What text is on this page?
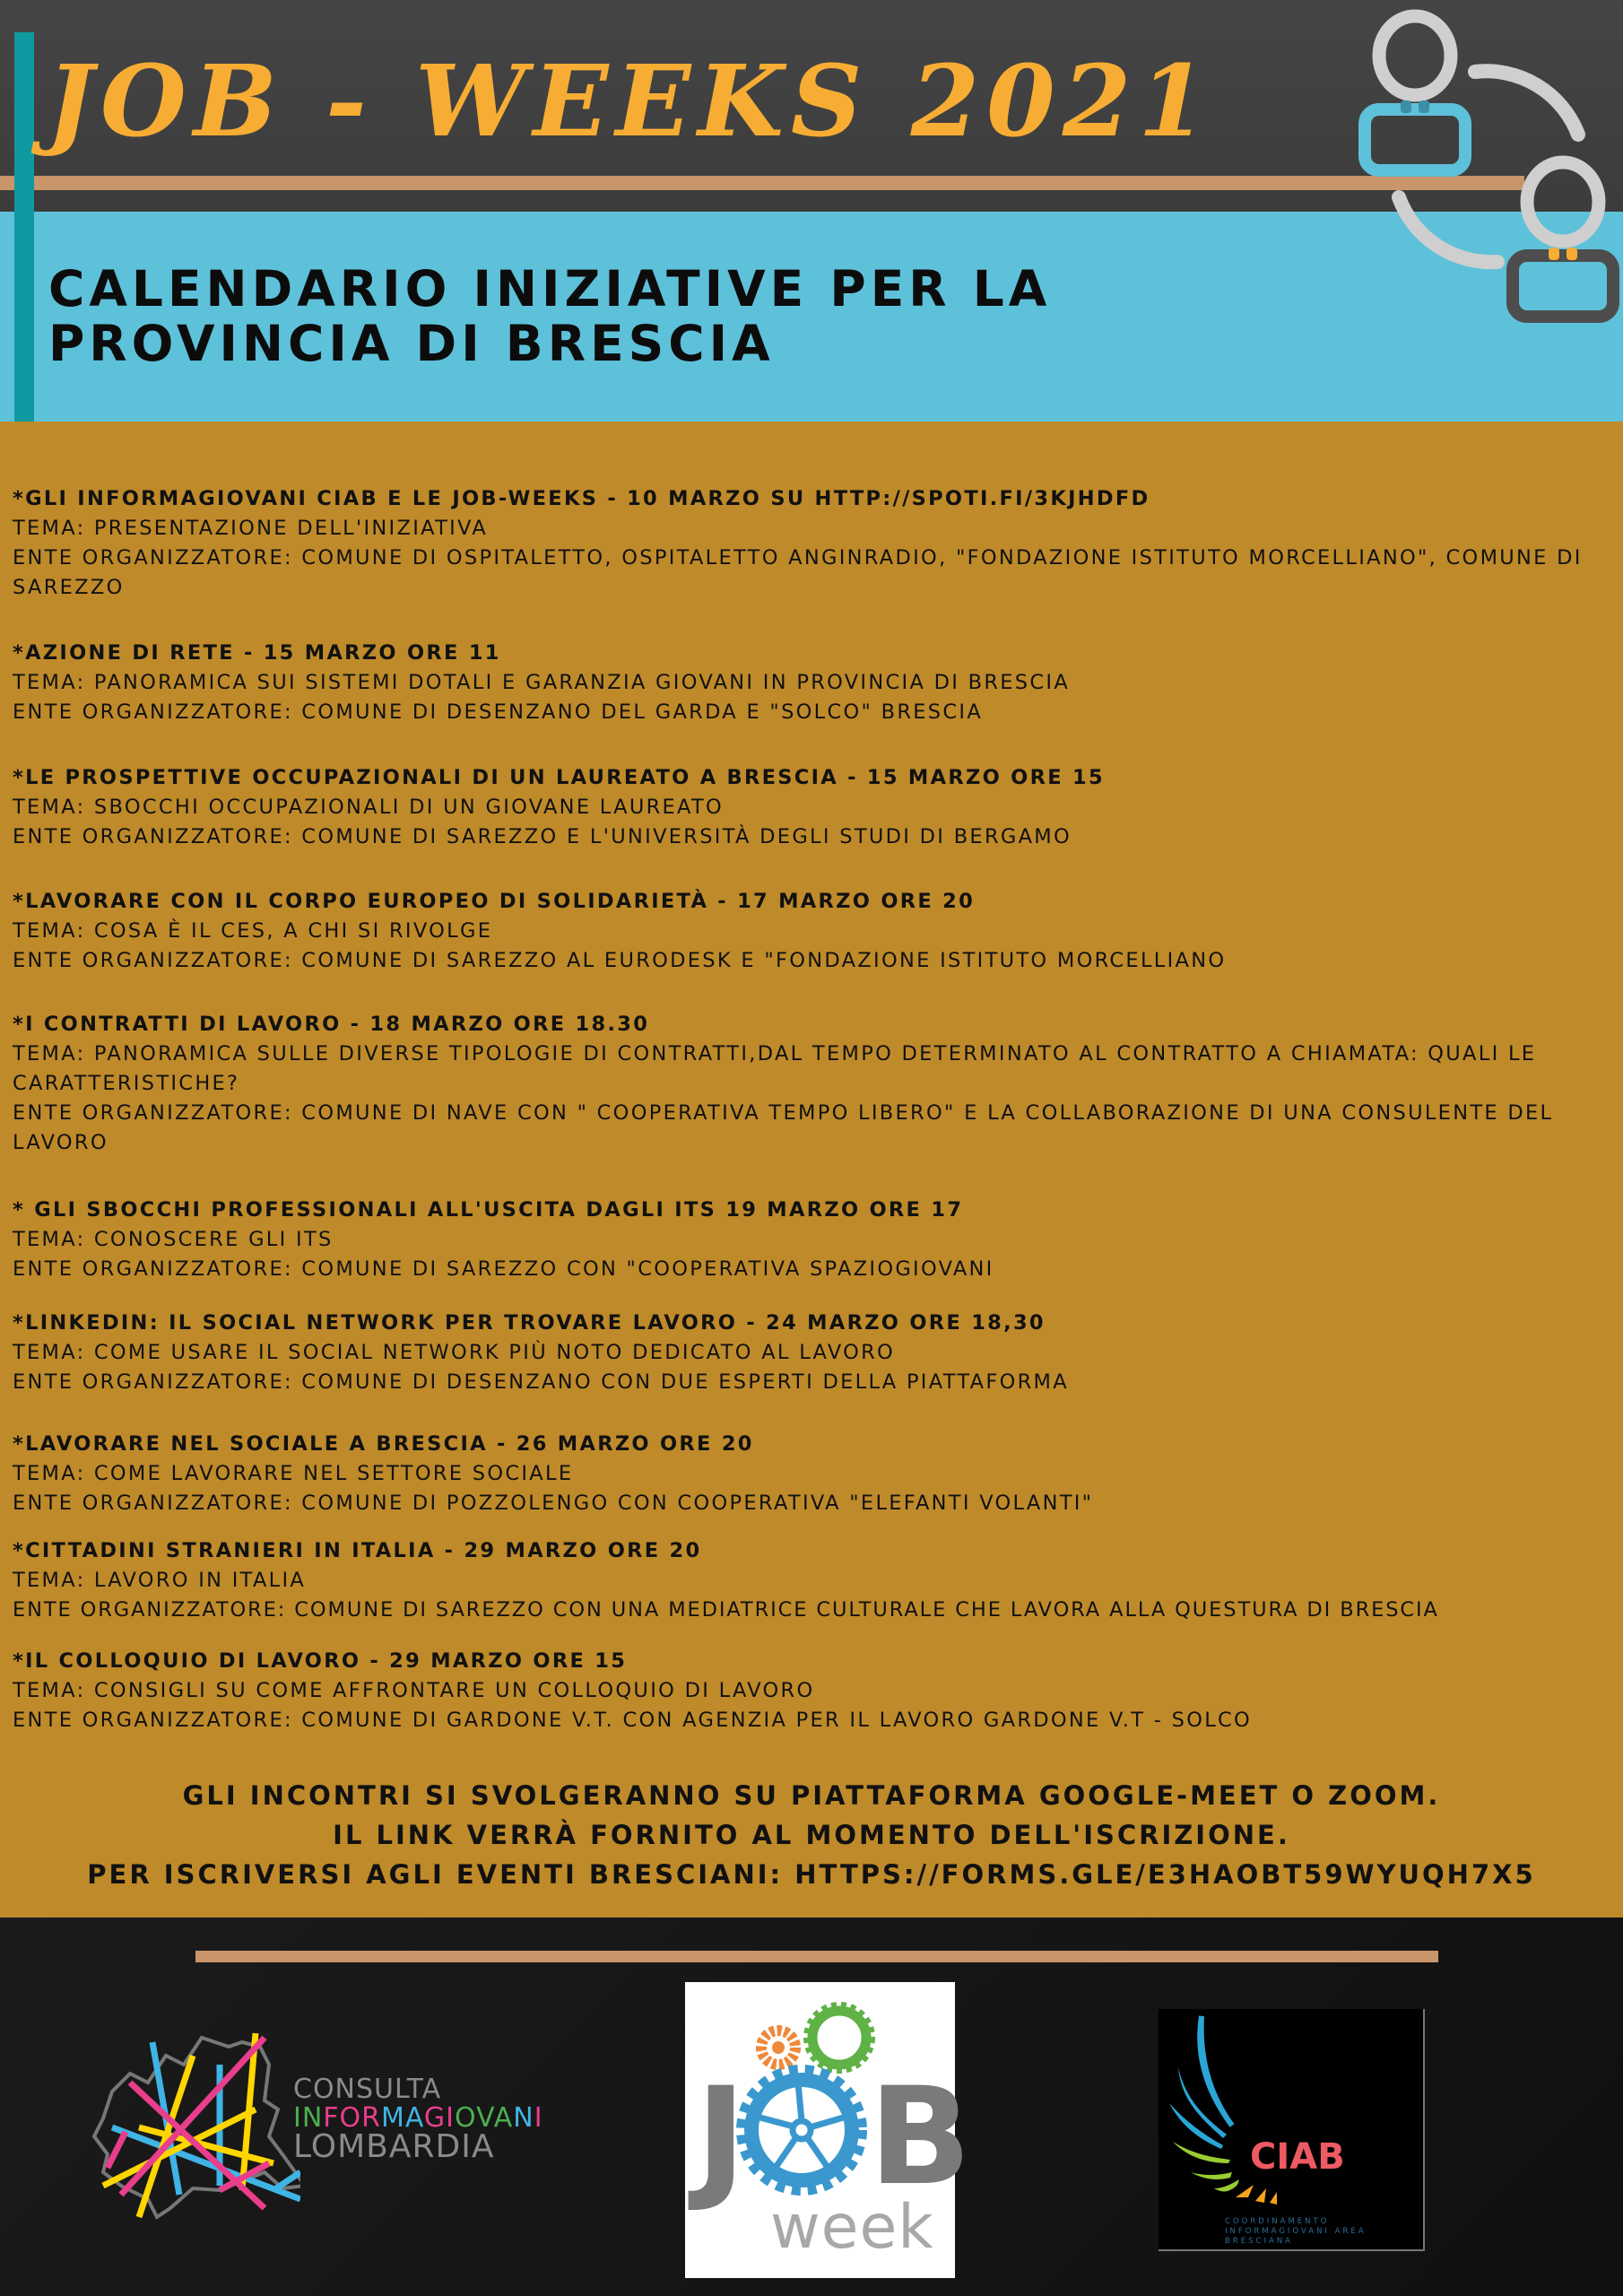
JOB - WEEKS 2021
CALENDARIO INIZIATIVE PER LA
PROVINCIA DI BRESCIA
*GLI INFORMAGIOVANI CIAB E LE JOB-WEEKS - 10 MARZO SU HTTP://SPOTI.FI/3KJHDFD
TEMA: PRESENTAZIONE DELL'INIZIATIVA
ENTE ORGANIZZATORE: COMUNE DI OSPITALETTO, OSPITALETTO ANGINRADIO, "FONDAZIONE ISTITUTO MORCELLIANO", COMUNE DI SAREZZO
*AZIONE DI RETE - 15 MARZO ORE 11
TEMA: PANORAMICA SUI SISTEMI DOTALI E GARANZIA GIOVANI IN PROVINCIA DI BRESCIA
ENTE ORGANIZZATORE: COMUNE DI DESENZANO DEL GARDA E "SOLCO" BRESCIA
*LE PROSPETTIVE OCCUPAZIONALI DI UN LAUREATO A BRESCIA - 15 MARZO ORE 15
TEMA: SBOCCHI OCCUPAZIONALI DI UN GIOVANE LAUREATO
ENTE ORGANIZZATORE: COMUNE DI SAREZZO E L'UNIVERSITÀ DEGLI STUDI DI BERGAMO
*LAVORARE CON IL CORPO EUROPEO DI SOLIDARIETÀ - 17 MARZO ORE 20
TEMA: COSA È IL CES, A CHI SI RIVOLGE
ENTE ORGANIZZATORE: COMUNE DI SAREZZO AL EURODESK E "FONDAZIONE ISTITUTO MORCELLIANO
*I CONTRATTI DI LAVORO - 18 MARZO ORE 18.30
TEMA: PANORAMICA SULLE DIVERSE TIPOLOGIE DI CONTRATTI,DAL TEMPO DETERMINATO AL CONTRATTO A CHIAMATA: QUALI LE CARATTERISTICHE?
ENTE ORGANIZZATORE: COMUNE DI NAVE CON " COOPERATIVA TEMPO LIBERO" E LA COLLABORAZIONE DI UNA CONSULENTE DEL LAVORO
* GLI SBOCCHI PROFESSIONALI ALL'USCITA DAGLI ITS 19 MARZO ORE 17
TEMA: CONOSCERE GLI ITS
ENTE ORGANIZZATORE: COMUNE DI SAREZZO CON "COOPERATIVA SPAZIOGIOVANI
*LINKEDIN: IL SOCIAL NETWORK PER TROVARE LAVORO - 24 MARZO ORE 18,30
TEMA: COME USARE IL SOCIAL NETWORK PIÙ NOTO DEDICATO AL LAVORO
ENTE ORGANIZZATORE: COMUNE DI DESENZANO CON DUE ESPERTI DELLA PIATTAFORMA
*LAVORARE NEL SOCIALE A BRESCIA - 26 MARZO ORE 20
TEMA: COME LAVORARE NEL SETTORE SOCIALE
ENTE ORGANIZZATORE: COMUNE DI POZZOLENGO CON COOPERATIVA "ELEFANTI VOLANTI"
*CITTADINI STRANIERI IN ITALIA - 29 MARZO ORE 20
TEMA: LAVORO IN ITALIA
ENTE ORGANIZZATORE: COMUNE DI SAREZZO CON UNA MEDIATRICE CULTURALE CHE LAVORA ALLA QUESTURA DI BRESCIA
*IL COLLOQUIO DI LAVORO - 29 MARZO ORE 15
TEMA: CONSIGLI SU COME AFFRONTARE UN COLLOQUIO DI LAVORO
ENTE ORGANIZZATORE: COMUNE DI GARDONE V.T. CON AGENZIA PER IL LAVORO GARDONE V.T - SOLCO
GLI INCONTRI SI SVOLGERANNO SU PIATTAFORMA GOOGLE-MEET O ZOOM.
IL LINK VERRÀ FORNITO AL MOMENTO DELL'ISCRIZIONE.
PER ISCRIVERSI AGLI EVENTI BRESCIANI: HTTPS://FORMS.GLE/E3HAOBT59WYUQH7X5
CONSULTA
INFORMAGIOVANI
LOMBARDIA J B
week
CIAB
COORDINAMENTO
INFORMAGIOVANI AREA
BRESCIANA
